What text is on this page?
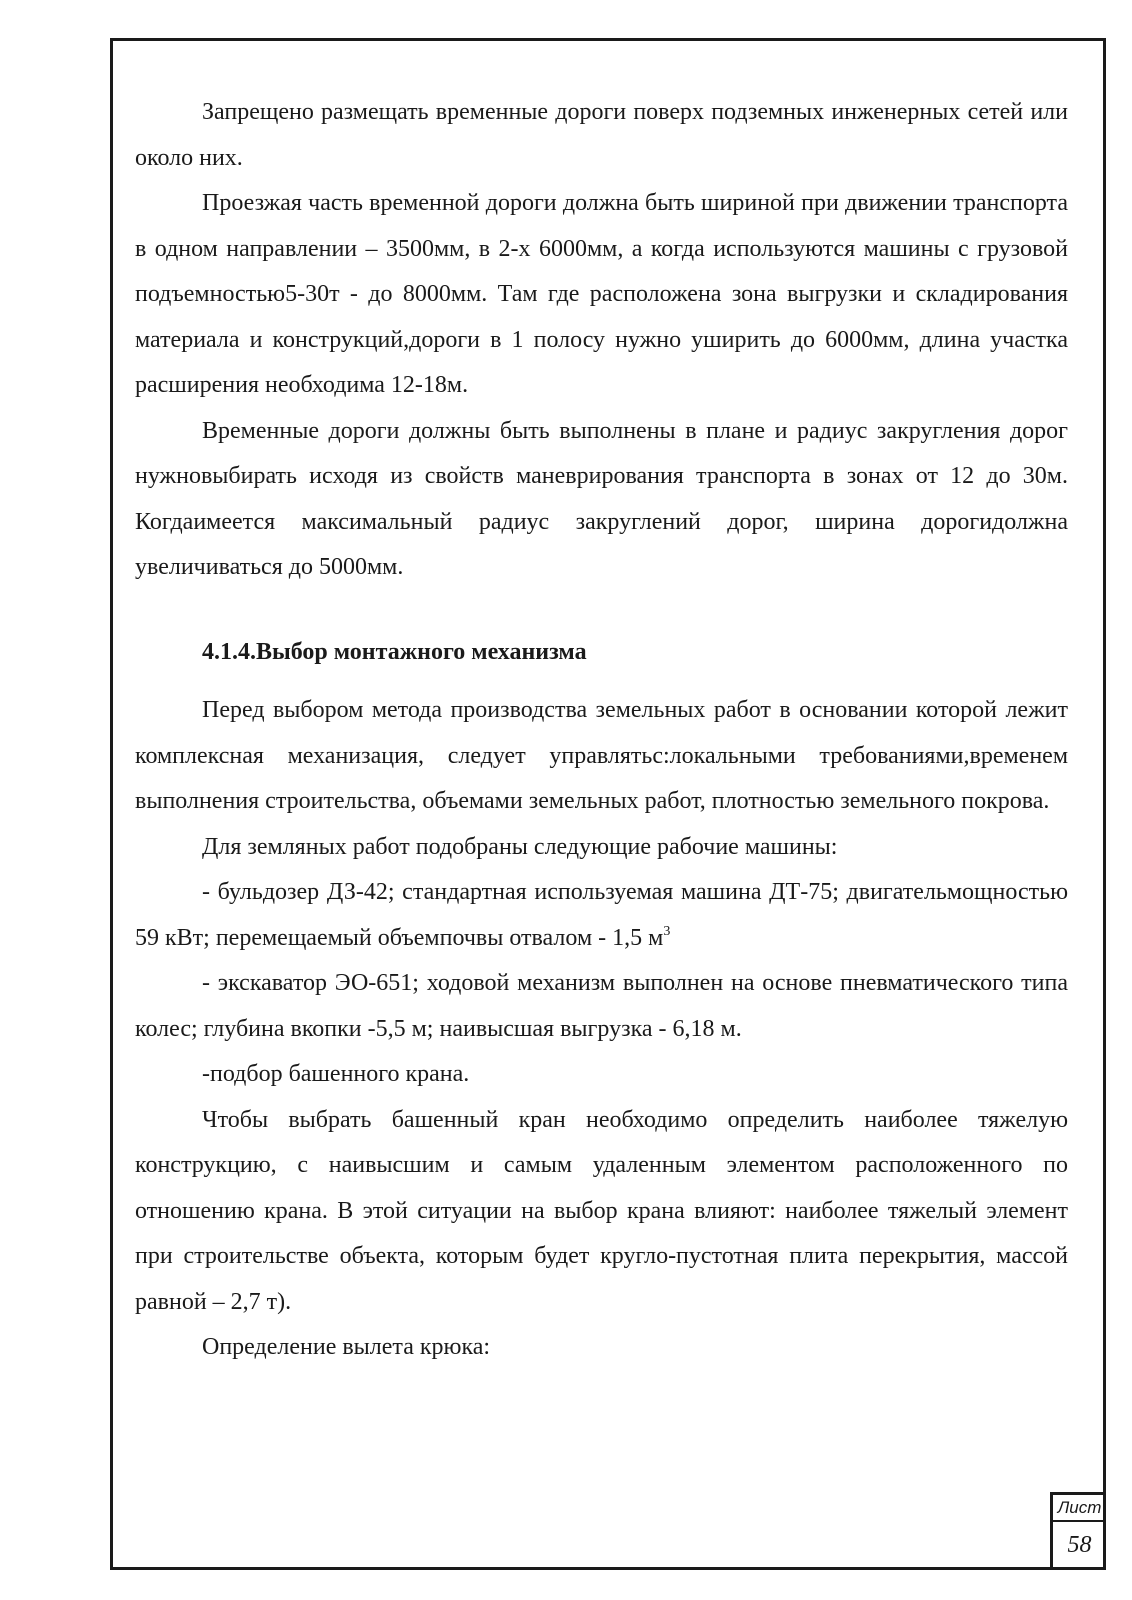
Запрещено размещать временные дороги поверх подземных инженерных сетей или около них.

Проезжая часть временной дороги должна быть шириной при движении транспорта в одном направлении – 3500мм, в 2-х 6000мм, а когда используются машины с грузовой подъемностью5-30т - до 8000мм. Там где расположена зона выгрузки и складирования материала и конструкций,дороги в 1 полосу нужно уширить до 6000мм, длина участка расширения необходима 12-18м.

Временные дороги должны быть выполнены в плане и радиус закругления дорог нужновыбирать исходя из свойств маневрирования транспорта в зонах от 12 до 30м. Когдаимеется максимальный радиус закруглений дорог, ширина дорогидолжна увеличиваться до 5000мм.

4.1.4.Выбор монтажного механизма

Перед выбором метода производства земельных работ в основании которой лежит комплексная механизация, следует управлятьс:локальными требованиями,временем выполнения строительства, объемами земельных работ, плотностью земельного покрова.

Для земляных работ подобраны следующие рабочие машины:

- бульдозер ДЗ-42; стандартная используемая машина ДТ-75; двигательмощностью 59 кВт; перемещаемый объемпочвы отвалом - 1,5 $м^3$

- экскаватор ЭО-651; ходовой механизм выполнен на основе пневматического типа колес; глубина вкопки -5,5 м; наивысшая выгрузка - 6,18 м.

-подбор башенного крана.

Чтобы выбрать башенный кран необходимо определить наиболее тяжелую конструкцию, с наивысшим и самым удаленным элементом расположенного по отношению крана. В этой ситуации на выбор крана влияют: наиболее тяжелый элемент при строительстве объекта, которым будет кругло-пустотная плита перекрытия, массой равной – 2,7 т).

Определение вылета крюка:

Лист
58
